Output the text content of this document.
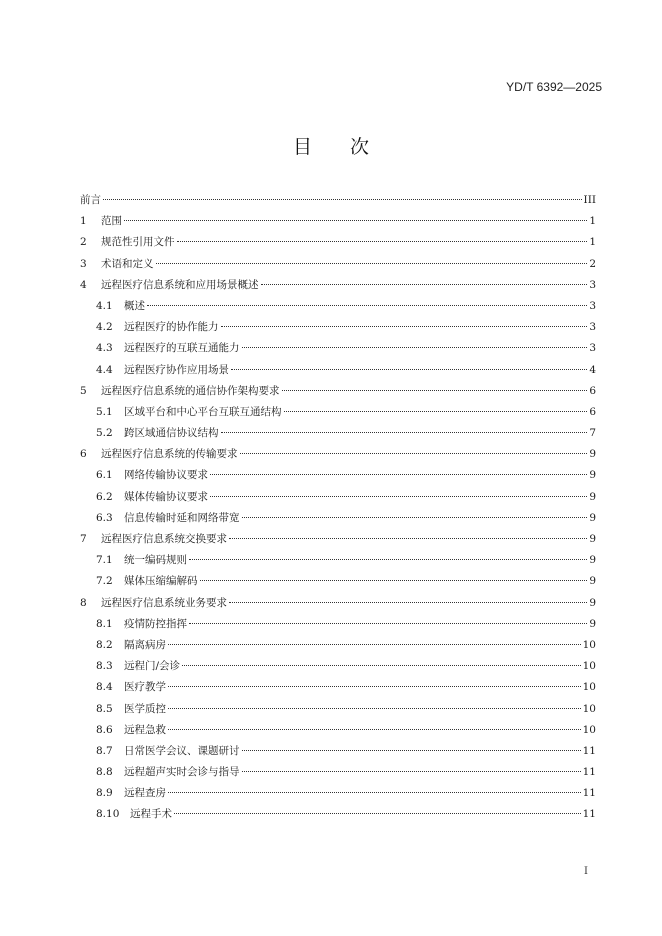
YD/T 6392—2025
目次
前言	III
1	范围	1
2	规范性引用文件	1
3	术语和定义	2
4	远程医疗信息系统和应用场景概述	3
4.1	概述	3
4.2	远程医疗的协作能力	3
4.3	远程医疗的互联互通能力	3
4.4	远程医疗协作应用场景	4
5	远程医疗信息系统的通信协作架构要求	6
5.1	区域平台和中心平台互联互通结构	6
5.2	跨区域通信协议结构	7
6	远程医疗信息系统的传输要求	9
6.1	网络传输协议要求	9
6.2	媒体传输协议要求	9
6.3	信息传输时延和网络带宽	9
7	远程医疗信息系统交换要求	9
7.1	统一编码规则	9
7.2	媒体压缩编解码	9
8	远程医疗信息系统业务要求	9
8.1	疫情防控指挥	9
8.2	隔离病房	10
8.3	远程门/会诊	10
8.4	医疗教学	10
8.5	医学质控	10
8.6	远程急救	10
8.7	日常医学会议、课题研讨	11
8.8	远程超声实时会诊与指导	11
8.9	远程查房	11
8.10	远程手术	11
I
